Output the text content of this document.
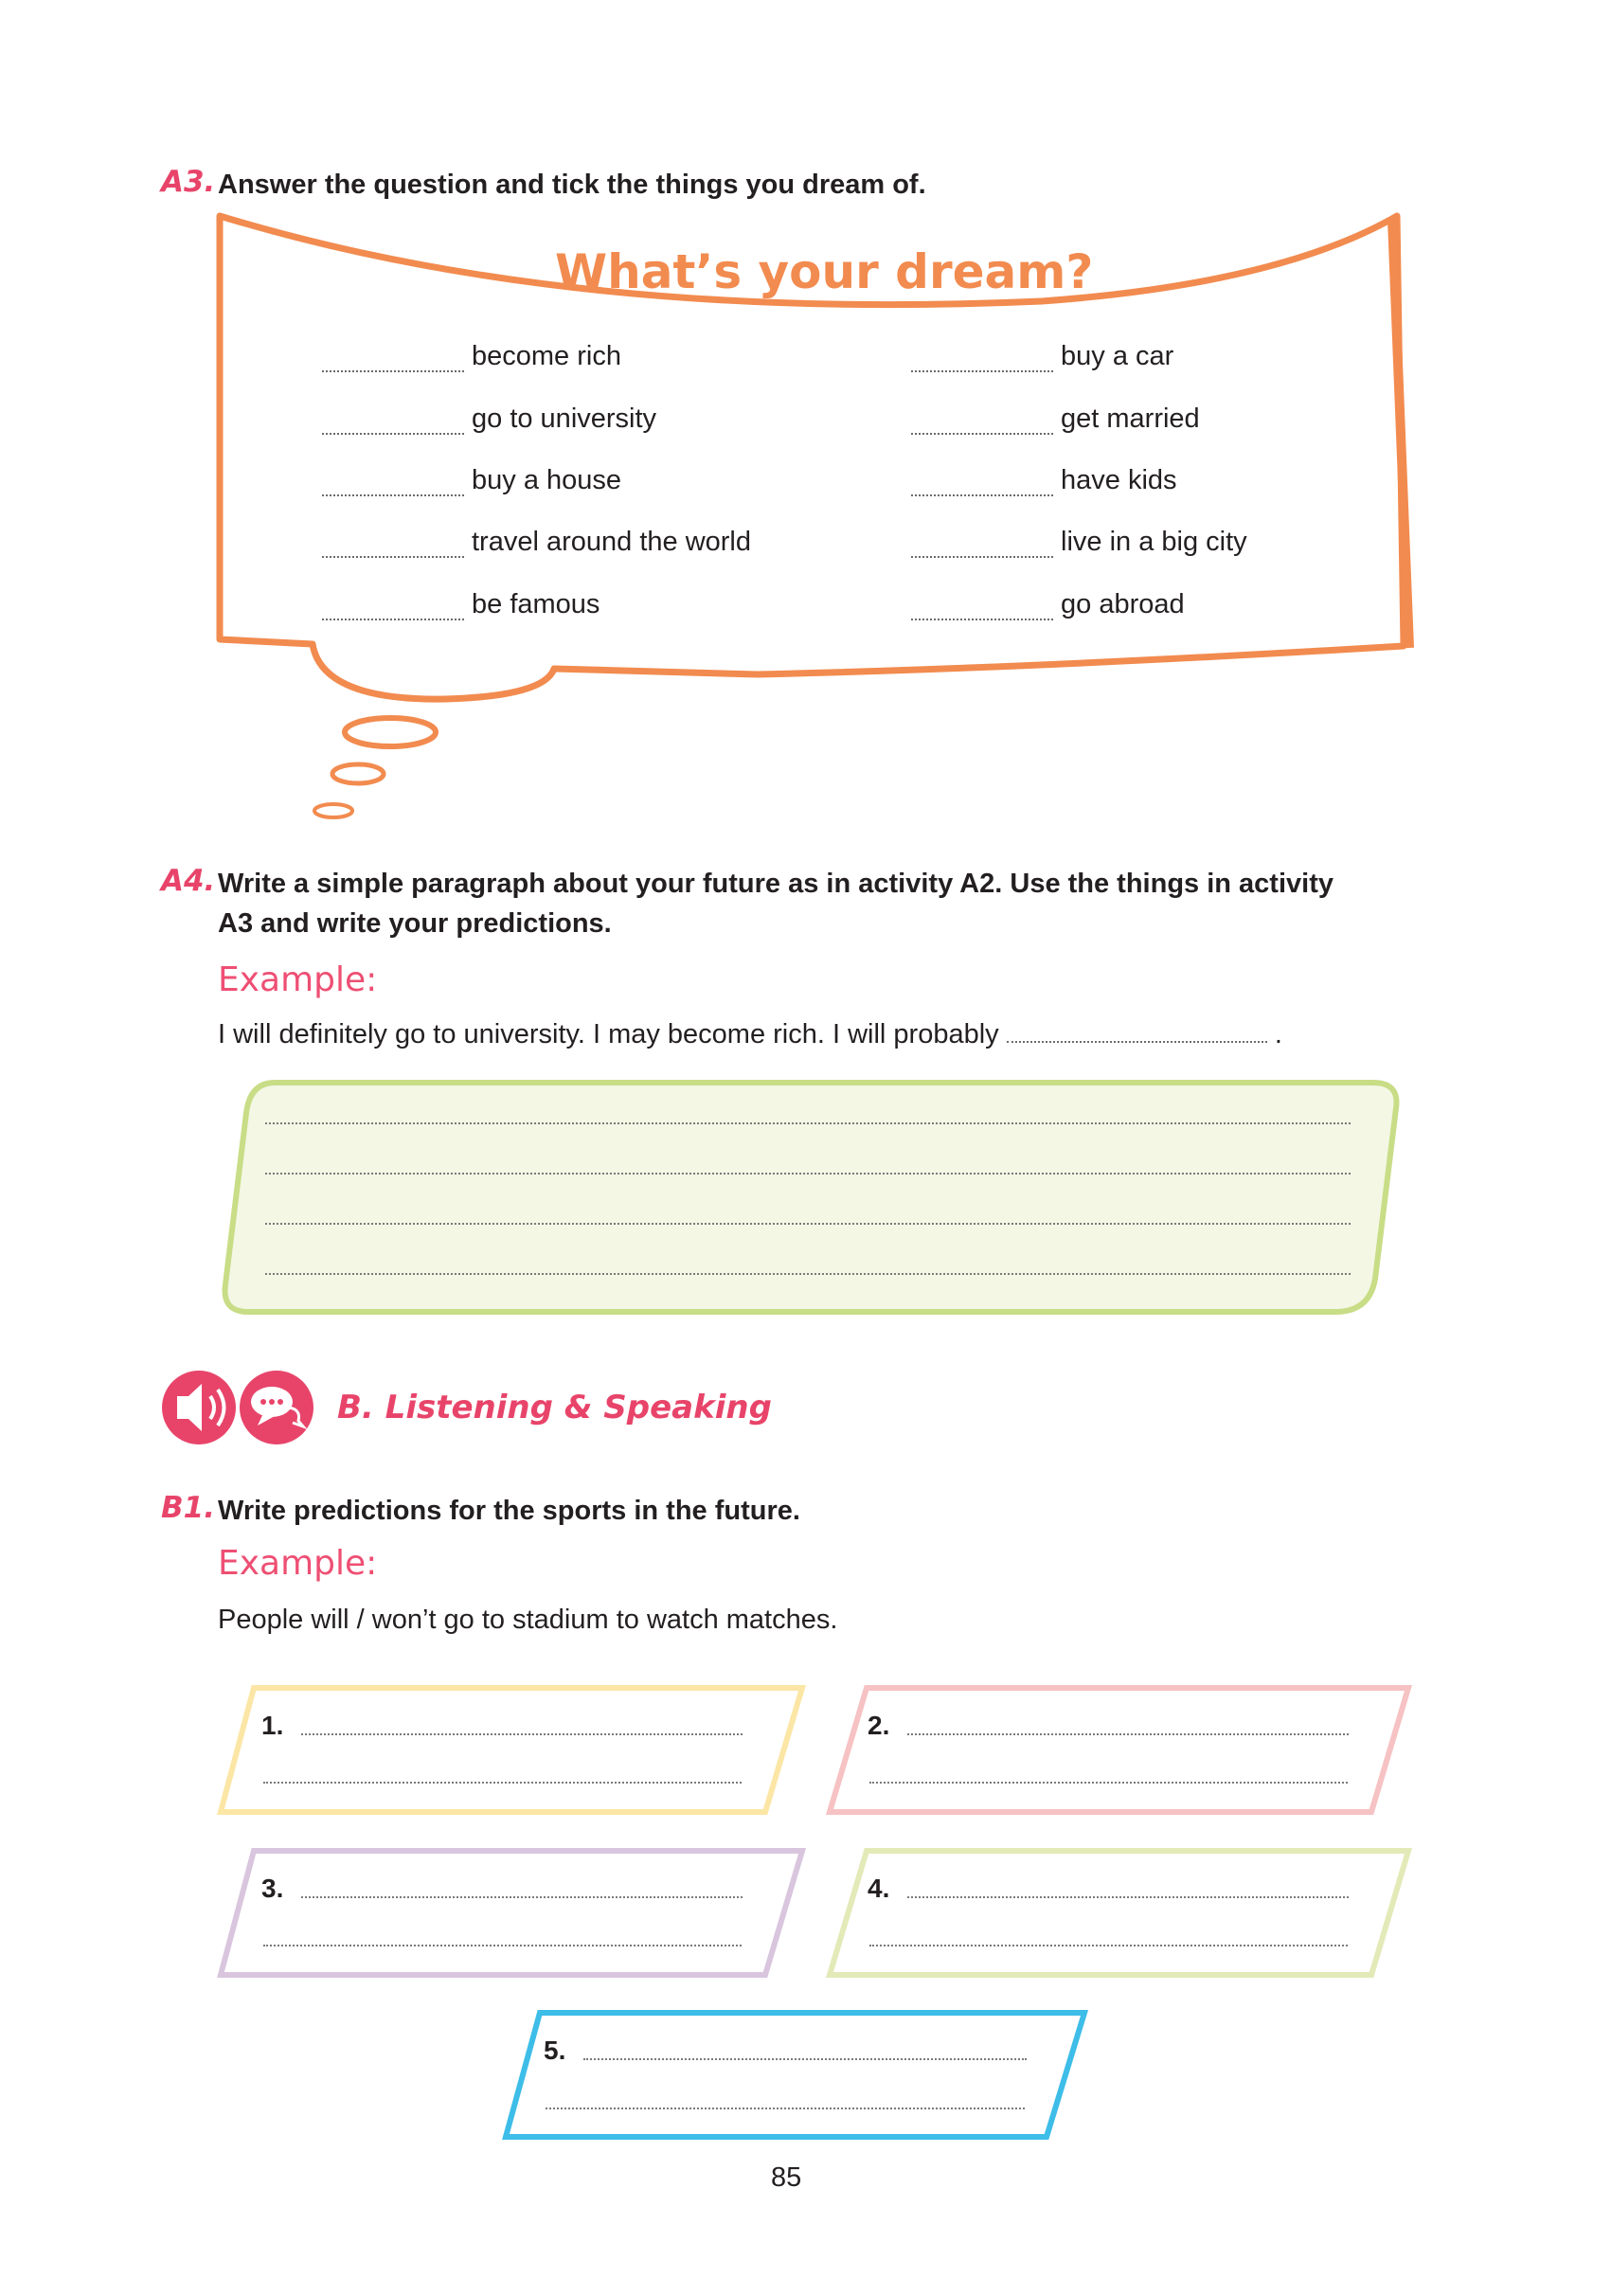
A3. Answer the question and tick the things you dream of.
What’s your dream?
become rich
go to university
buy a house
travel around the world
be famous
buy a car
get married
have kids
live in a big city
go abroad
A4. Write a simple paragraph about your future as in activity A2. Use the things in activity
A3 and write your predictions.
Example:
I will definitely go to university. I may become rich. I will probably	.
B. Listening & Speaking
B1. Write predictions for the sports in the future.
Example:
People will / won’t go to stadium to watch matches.
1.	2.
3.	4.
5.
85
